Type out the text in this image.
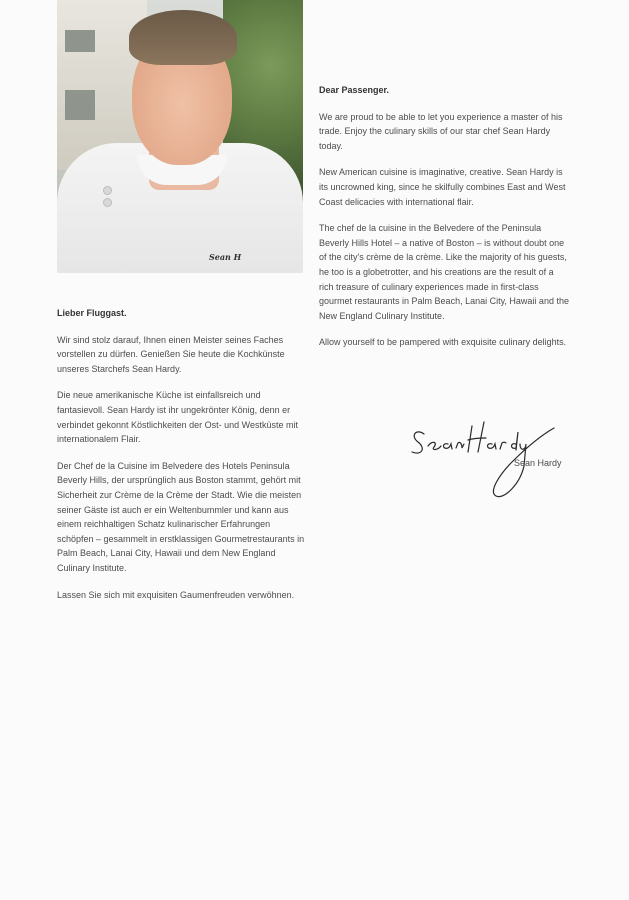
Sean H
Lieber Fluggast.

Wir sind stolz darauf, Ihnen einen Meister seines Faches vorstellen zu dürfen. Genießen Sie heute die Kochkünste unseres Starchefs Sean Hardy.

Die neue amerikanische Küche ist einfallsreich und fantasievoll. Sean Hardy ist ihr ungekrönter König, denn er verbindet gekonnt Köstlichkeiten der Ost- und Westküste mit internationalem Flair.

Der Chef de la Cuisine im Belvedere des Hotels Peninsula Beverly Hills, der ursprünglich aus Boston stammt, gehört mit Sicherheit zur Crème de la Crème der Stadt. Wie die meisten seiner Gäste ist auch er ein Weltenbummler und kann aus einem reichhaltigen Schatz kulinarischer Erfahrungen schöpfen – gesammelt in erstklassigen Gourmetrestaurants in Palm Beach, Lanai City, Hawaii und dem New England Culinary Institute.

Lassen Sie sich mit exquisiten Gaumenfreuden verwöhnen.

Dear Passenger.

We are proud to be able to let you experience a master of his trade. Enjoy the culinary skills of our star chef Sean Hardy today.

New American cuisine is imaginative, creative. Sean Hardy is its uncrowned king, since he skilfully combines East and West Coast delicacies with international flair.

The chef de la cuisine in the Belvedere of the Peninsula Beverly Hills Hotel – a native of Boston – is without doubt one of the city's crème de la crème. Like the majority of his guests, he too is a globetrotter, and his creations are the result of a rich treasure of culinary experiences made in first-class gourmet restaurants in Palm Beach, Lanai City, Hawaii and the New England Culinary Institute.

Allow yourself to be pampered with exquisite culinary delights.

Sean Hardy
